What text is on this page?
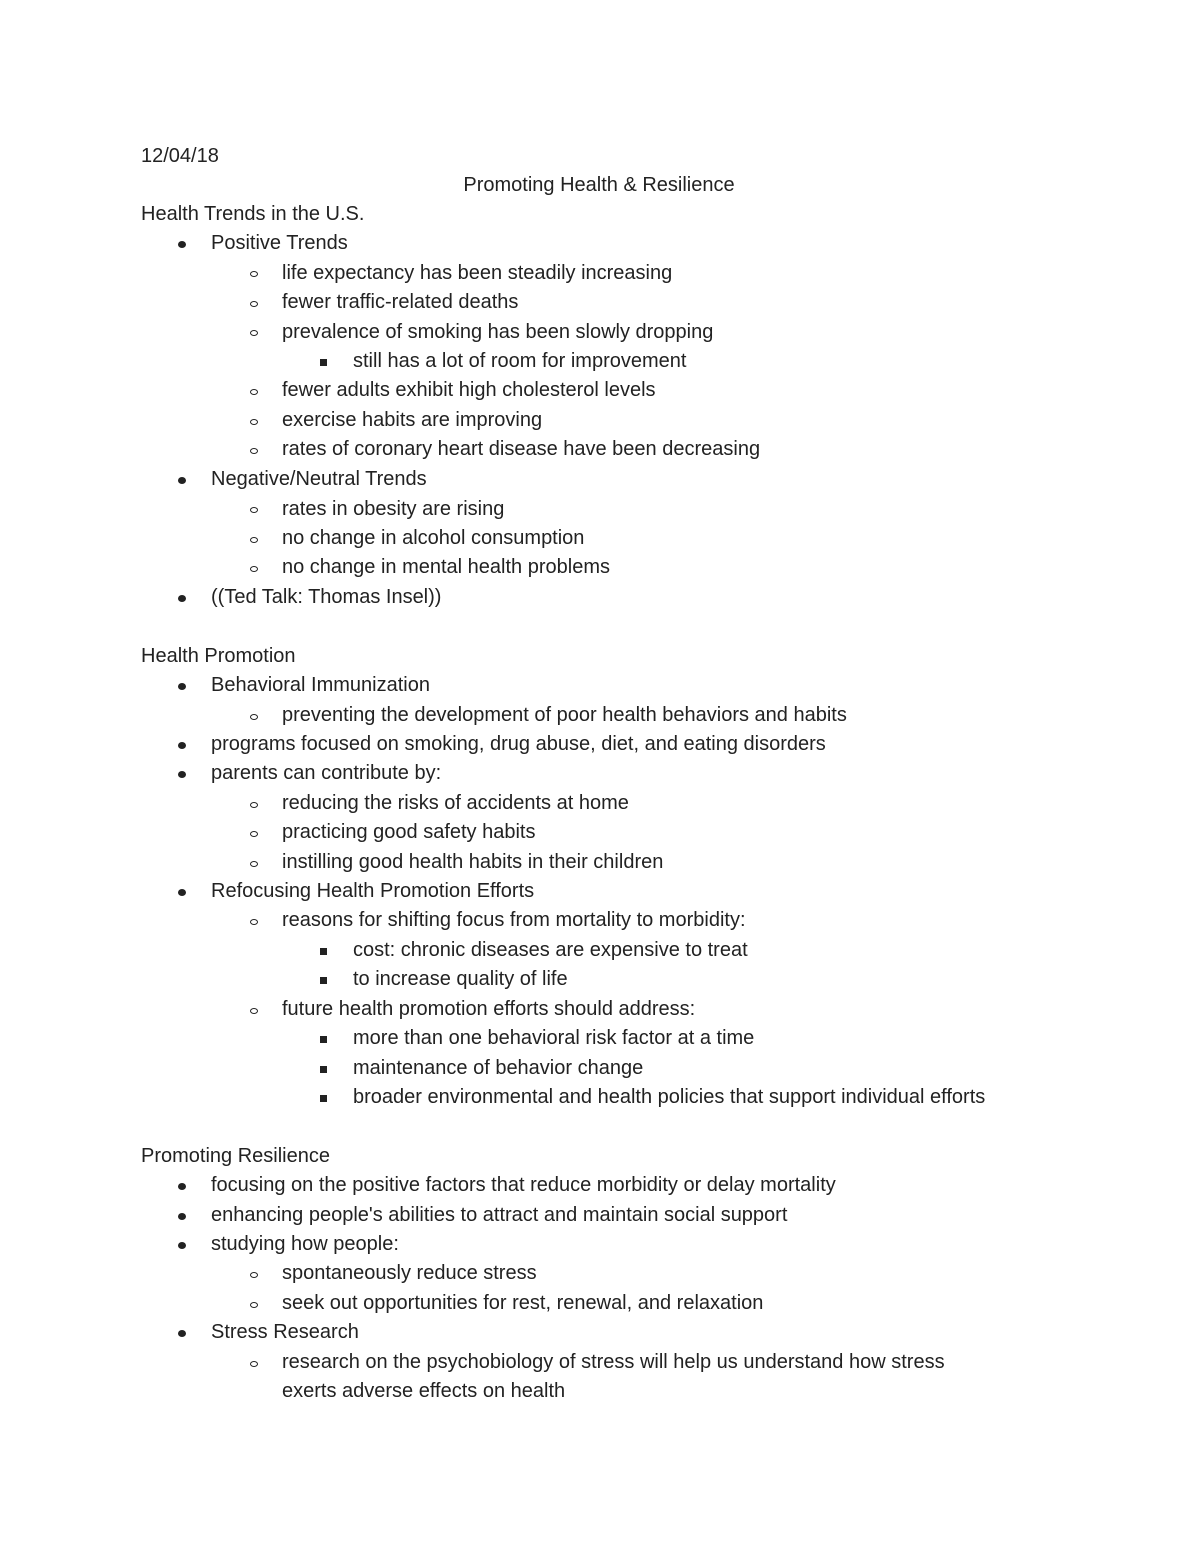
12/04/18
Promoting Health & Resilience
Health Trends in the U.S.
Positive Trends
life expectancy has been steadily increasing
fewer traffic-related deaths
prevalence of smoking has been slowly dropping
still has a lot of room for improvement
fewer adults exhibit high cholesterol levels
exercise habits are improving
rates of coronary heart disease have been decreasing
Negative/Neutral Trends
rates in obesity are rising
no change in alcohol consumption
no change in mental health problems
((Ted Talk: Thomas Insel))
Health Promotion
Behavioral Immunization
preventing the development of poor health behaviors and habits
programs focused on smoking, drug abuse, diet, and eating disorders
parents can contribute by:
reducing the risks of accidents at home
practicing good safety habits
instilling good health habits in their children
Refocusing Health Promotion Efforts
reasons for shifting focus from mortality to morbidity:
cost: chronic diseases are expensive to treat
to increase quality of life
future health promotion efforts should address:
more than one behavioral risk factor at a time
maintenance of behavior change
broader environmental and health policies that support individual efforts
Promoting Resilience
focusing on the positive factors that reduce morbidity or delay mortality
enhancing people's abilities to attract and maintain social support
studying how people:
spontaneously reduce stress
seek out opportunities for rest, renewal, and relaxation
Stress Research
research on the psychobiology of stress will help us understand how stress
exerts adverse effects on health
